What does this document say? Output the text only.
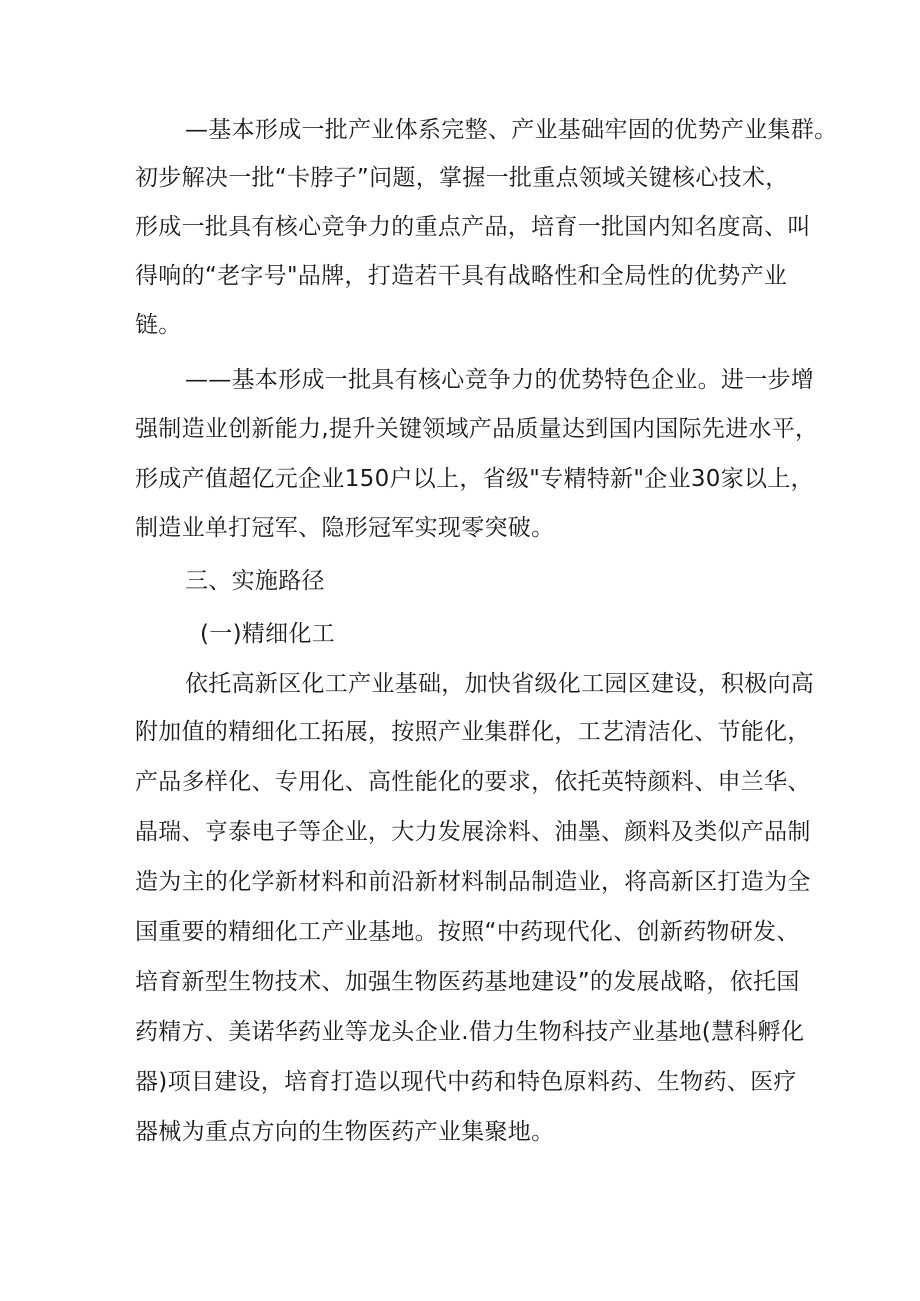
—基本形成一批产业体系完整、产业基础牢固的优势产业集群。
初步解决一批“卡脖子”问题，掌握一批重点领域关键核心技术，
形成一批具有核心竞争力的重点产品，培育一批国内知名度高、叫
得响的“老字号"品牌，打造若干具有战略性和全局性的优势产业
链。
——基本形成一批具有核心竞争力的优势特色企业。进一步增
强制造业创新能力,提升关键领域产品质量达到国内国际先进水平，
形成产值超亿元企业150户以上，省级"专精特新"企业30家以上，
制造业单打冠军、隐形冠军实现零突破。
三、实施路径
(一)精细化工
依托高新区化工产业基础，加快省级化工园区建设，积极向高
附加值的精细化工拓展，按照产业集群化，工艺清洁化、节能化，
产品多样化、专用化、高性能化的要求，依托英特颜料、申兰华、
晶瑞、亨泰电子等企业，大力发展涂料、油墨、颜料及类似产品制
造为主的化学新材料和前沿新材料制品制造业，将高新区打造为全
国重要的精细化工产业基地。按照“中药现代化、创新药物研发、
培育新型生物技术、加强生物医药基地建设”的发展战略，依托国
药精方、美诺华药业等龙头企业.借力生物科技产业基地(慧科孵化
器)项目建设，培育打造以现代中药和特色原料药、生物药、医疗
器械为重点方向的生物医药产业集聚地。
